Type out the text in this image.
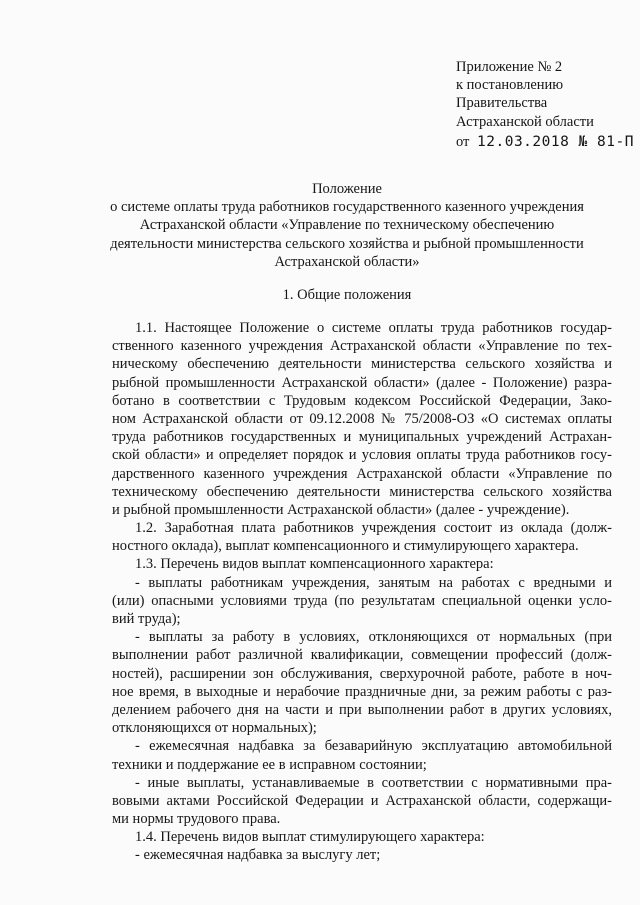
Приложение № 2
к постановлению
Правительства
Астраханской области
от 12.03.2018 № 81-П
Положение
о системе оплаты труда работников государственного казенного учреждения
Астраханской области «Управление по техническому обеспечению
деятельности министерства сельского хозяйства и рыбной промышленности
Астраханской области»
1. Общие положения
1.1. Настоящее Положение о системе оплаты труда работников государ-
ственного казенного учреждения Астраханской области «Управление по тех-
ническому обеспечению деятельности министерства сельского хозяйства и
рыбной промышленности Астраханской области» (далее - Положение) разра-
ботано в соответствии с Трудовым кодексом Российской Федерации, Зако-
ном Астраханской области от 09.12.2008 № 75/2008-ОЗ «О системах оплаты
труда работников государственных и муниципальных учреждений Астрахан-
ской области» и определяет порядок и условия оплаты труда работников госу-
дарственного казенного учреждения Астраханской области «Управление по
техническому обеспечению деятельности министерства сельского хозяйства
и рыбной промышленности Астраханской области» (далее - учреждение).
1.2. Заработная плата работников учреждения состоит из оклада (долж-
ностного оклада), выплат компенсационного и стимулирующего характера.
1.3. Перечень видов выплат компенсационного характера:
- выплаты работникам учреждения, занятым на работах с вредными и
(или) опасными условиями труда (по результатам специальной оценки усло-
вий труда);
- выплаты за работу в условиях, отклоняющихся от нормальных (при
выполнении работ различной квалификации, совмещении профессий (долж-
ностей), расширении зон обслуживания, сверхурочной работе, работе в ноч-
ное время, в выходные и нерабочие праздничные дни, за режим работы с раз-
делением рабочего дня на части и при выполнении работ в других условиях,
отклоняющихся от нормальных);
- ежемесячная надбавка за безаварийную эксплуатацию автомобильной
техники и поддержание ее в исправном состоянии;
- иные выплаты, устанавливаемые в соответствии с нормативными пра-
вовыми актами Российской Федерации и Астраханской области, содержащи-
ми нормы трудового права.
1.4. Перечень видов выплат стимулирующего характера:
- ежемесячная надбавка за выслугу лет;
